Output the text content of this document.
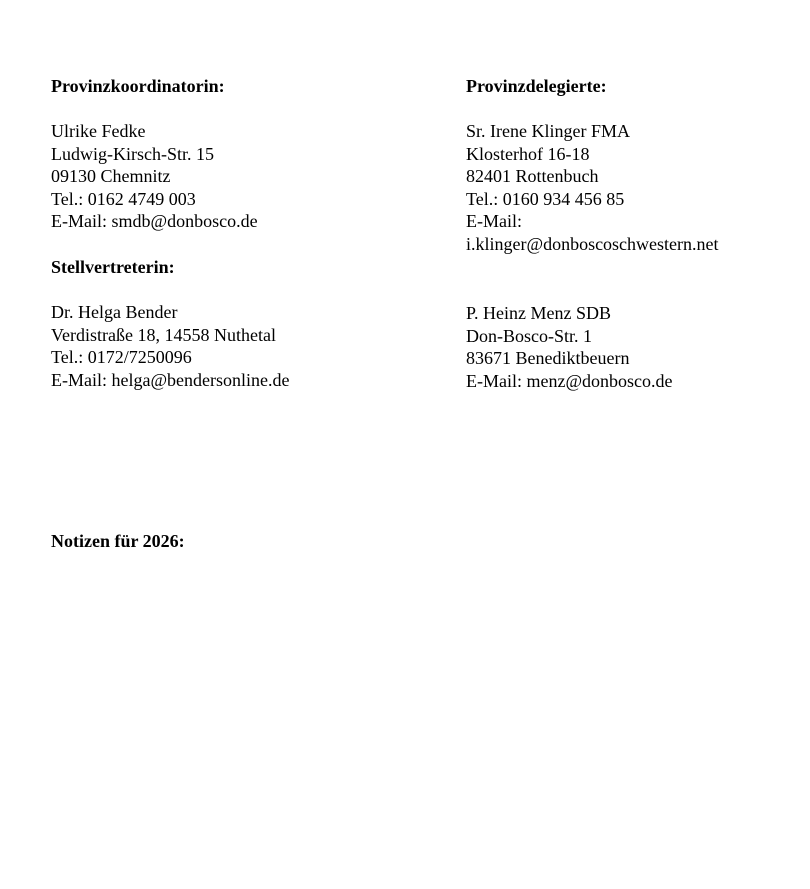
Provinzkoordinatorin:

Ulrike Fedke
Ludwig-Kirsch-Str. 15
09130 Chemnitz
Tel.: 0162 4749 003
E-Mail: smdb@donbosco.de

Provinzdelegierte:

Sr. Irene Klinger FMA
Klosterhof 16-18
82401 Rottenbuch
Tel.: 0160 934 456 85
E-Mail:
i.klinger@donboscoschwestern.net

Stellvertreterin:

Dr. Helga Bender
Verdistraße 18, 14558 Nuthetal
Tel.: 0172/7250096
E-Mail: helga@bendersonline.de
P. Heinz Menz SDB
Don-Bosco-Str. 1
83671 Benediktbeuern
E-Mail: menz@donbosco.de

Notizen für 2026:
